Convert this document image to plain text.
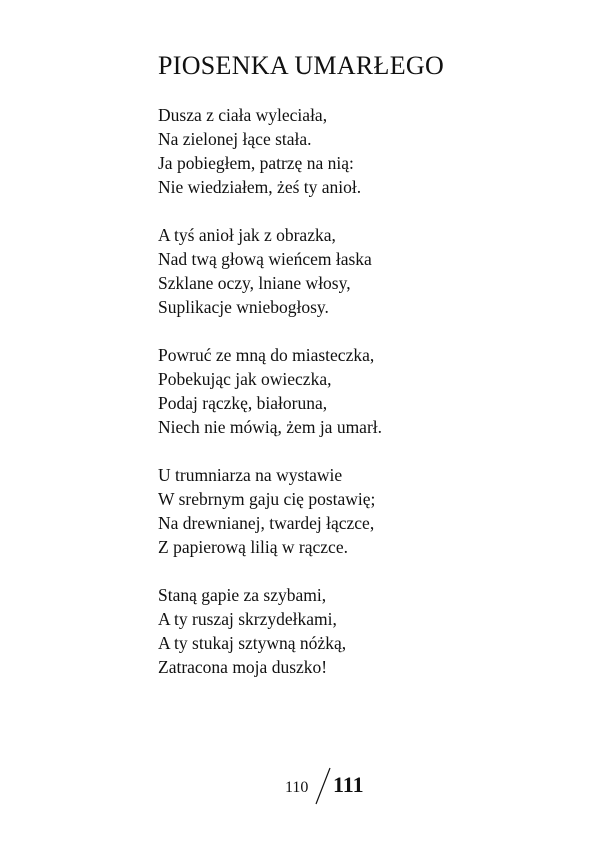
PIOSENKA UMARŁEGO
Dusza z ciała wyleciała,
Na zielonej łące stała.
Ja pobiegłem, patrzę na nią:
Nie wiedziałem, żeś ty anioł.
A tyś anioł jak z obrazka,
Nad twą głową wieńcem łaska
Szklane oczy, lniane włosy,
Suplikacje wniebogłosy.
Powruć ze mną do miasteczka,
Pobekując jak owieczka,
Podaj rączkę, białoruna,
Niech nie mówią, żem ja umarł.
U trumniarza na wystawie
W srebrnym gaju cię postawię;
Na drewnianej, twardej łączce,
Z papierową lilią w rączce.
Staną gapie za szybami,
A ty ruszaj skrzydełkami,
A ty stukaj sztywną nóżką,
Zatracona moja duszko!
110 111
